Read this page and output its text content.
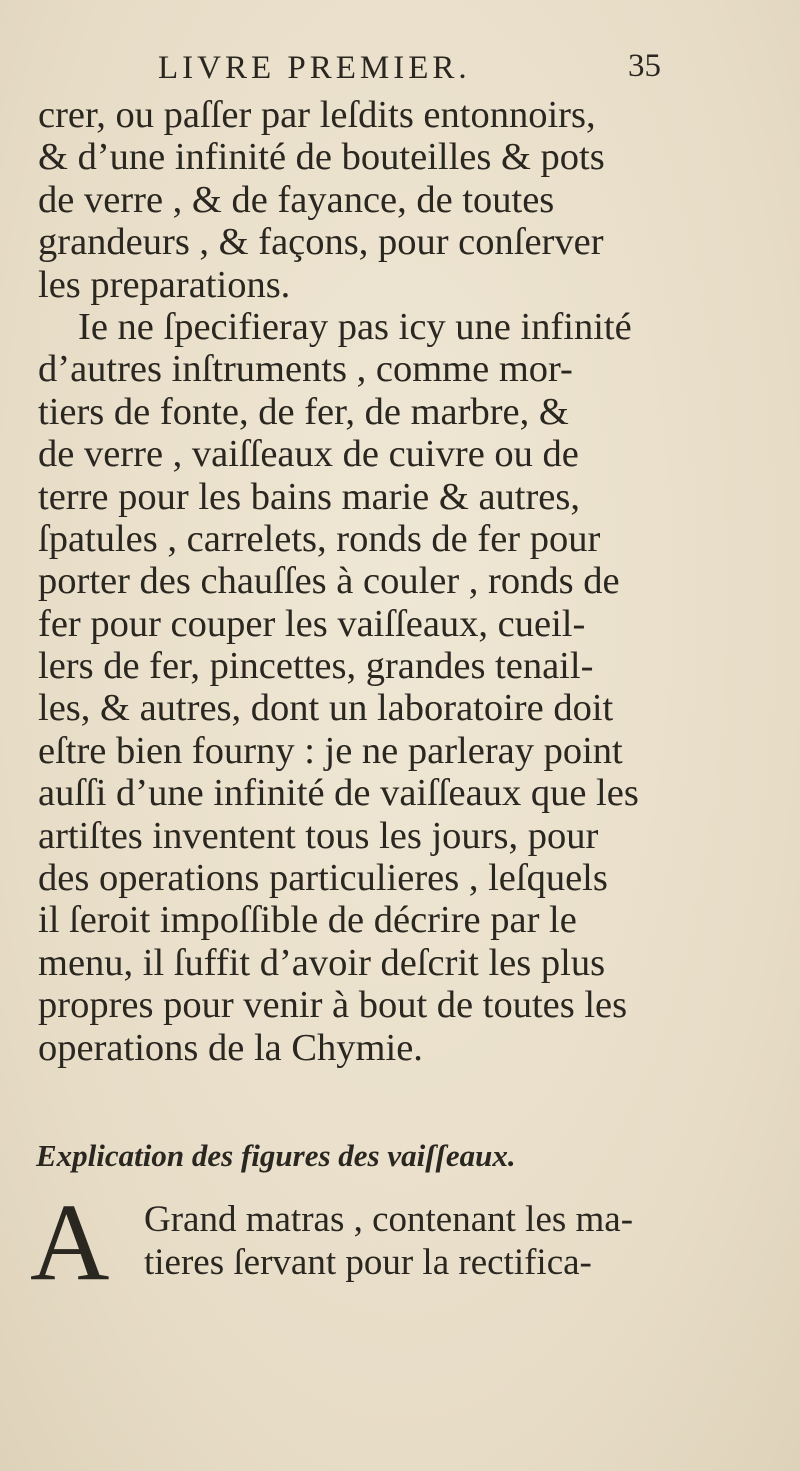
LIVRE PREMIER.	35
crer, ou paſſer par leſdits entonnoirs,
& d’une infinité de bouteilles & pots
de verre , & de fayance, de toutes
grandeurs , & façons, pour conſerver
les preparations.
Ie ne ſpecifieray pas icy une infinité
d’autres inſtruments , comme mor-
tiers de fonte, de fer, de marbre, &
de verre , vaiſſeaux de cuivre ou de
terre pour les bains marie & autres,
ſpatules , carrelets, ronds de fer pour
porter des chauſſes à couler , ronds de
fer pour couper les vaiſſeaux, cueil-
lers de fer, pincettes, grandes tenail-
les, & autres, dont un laboratoire doit
eſtre bien fourny : je ne parleray point
auſſi d’une infinité de vaiſſeaux que les
artiſtes inventent tous les jours, pour
des operations particulieres , leſquels
il ſeroit impoſſible de décrire par le
menu, il ſuffit d’avoir deſcrit les plus
propres pour venir à bout de toutes les
operations de la Chymie.
Explication des figures des vaiſſeaux.
A Grand matras , contenant les ma-
tieres ſervant pour la rectifica-
